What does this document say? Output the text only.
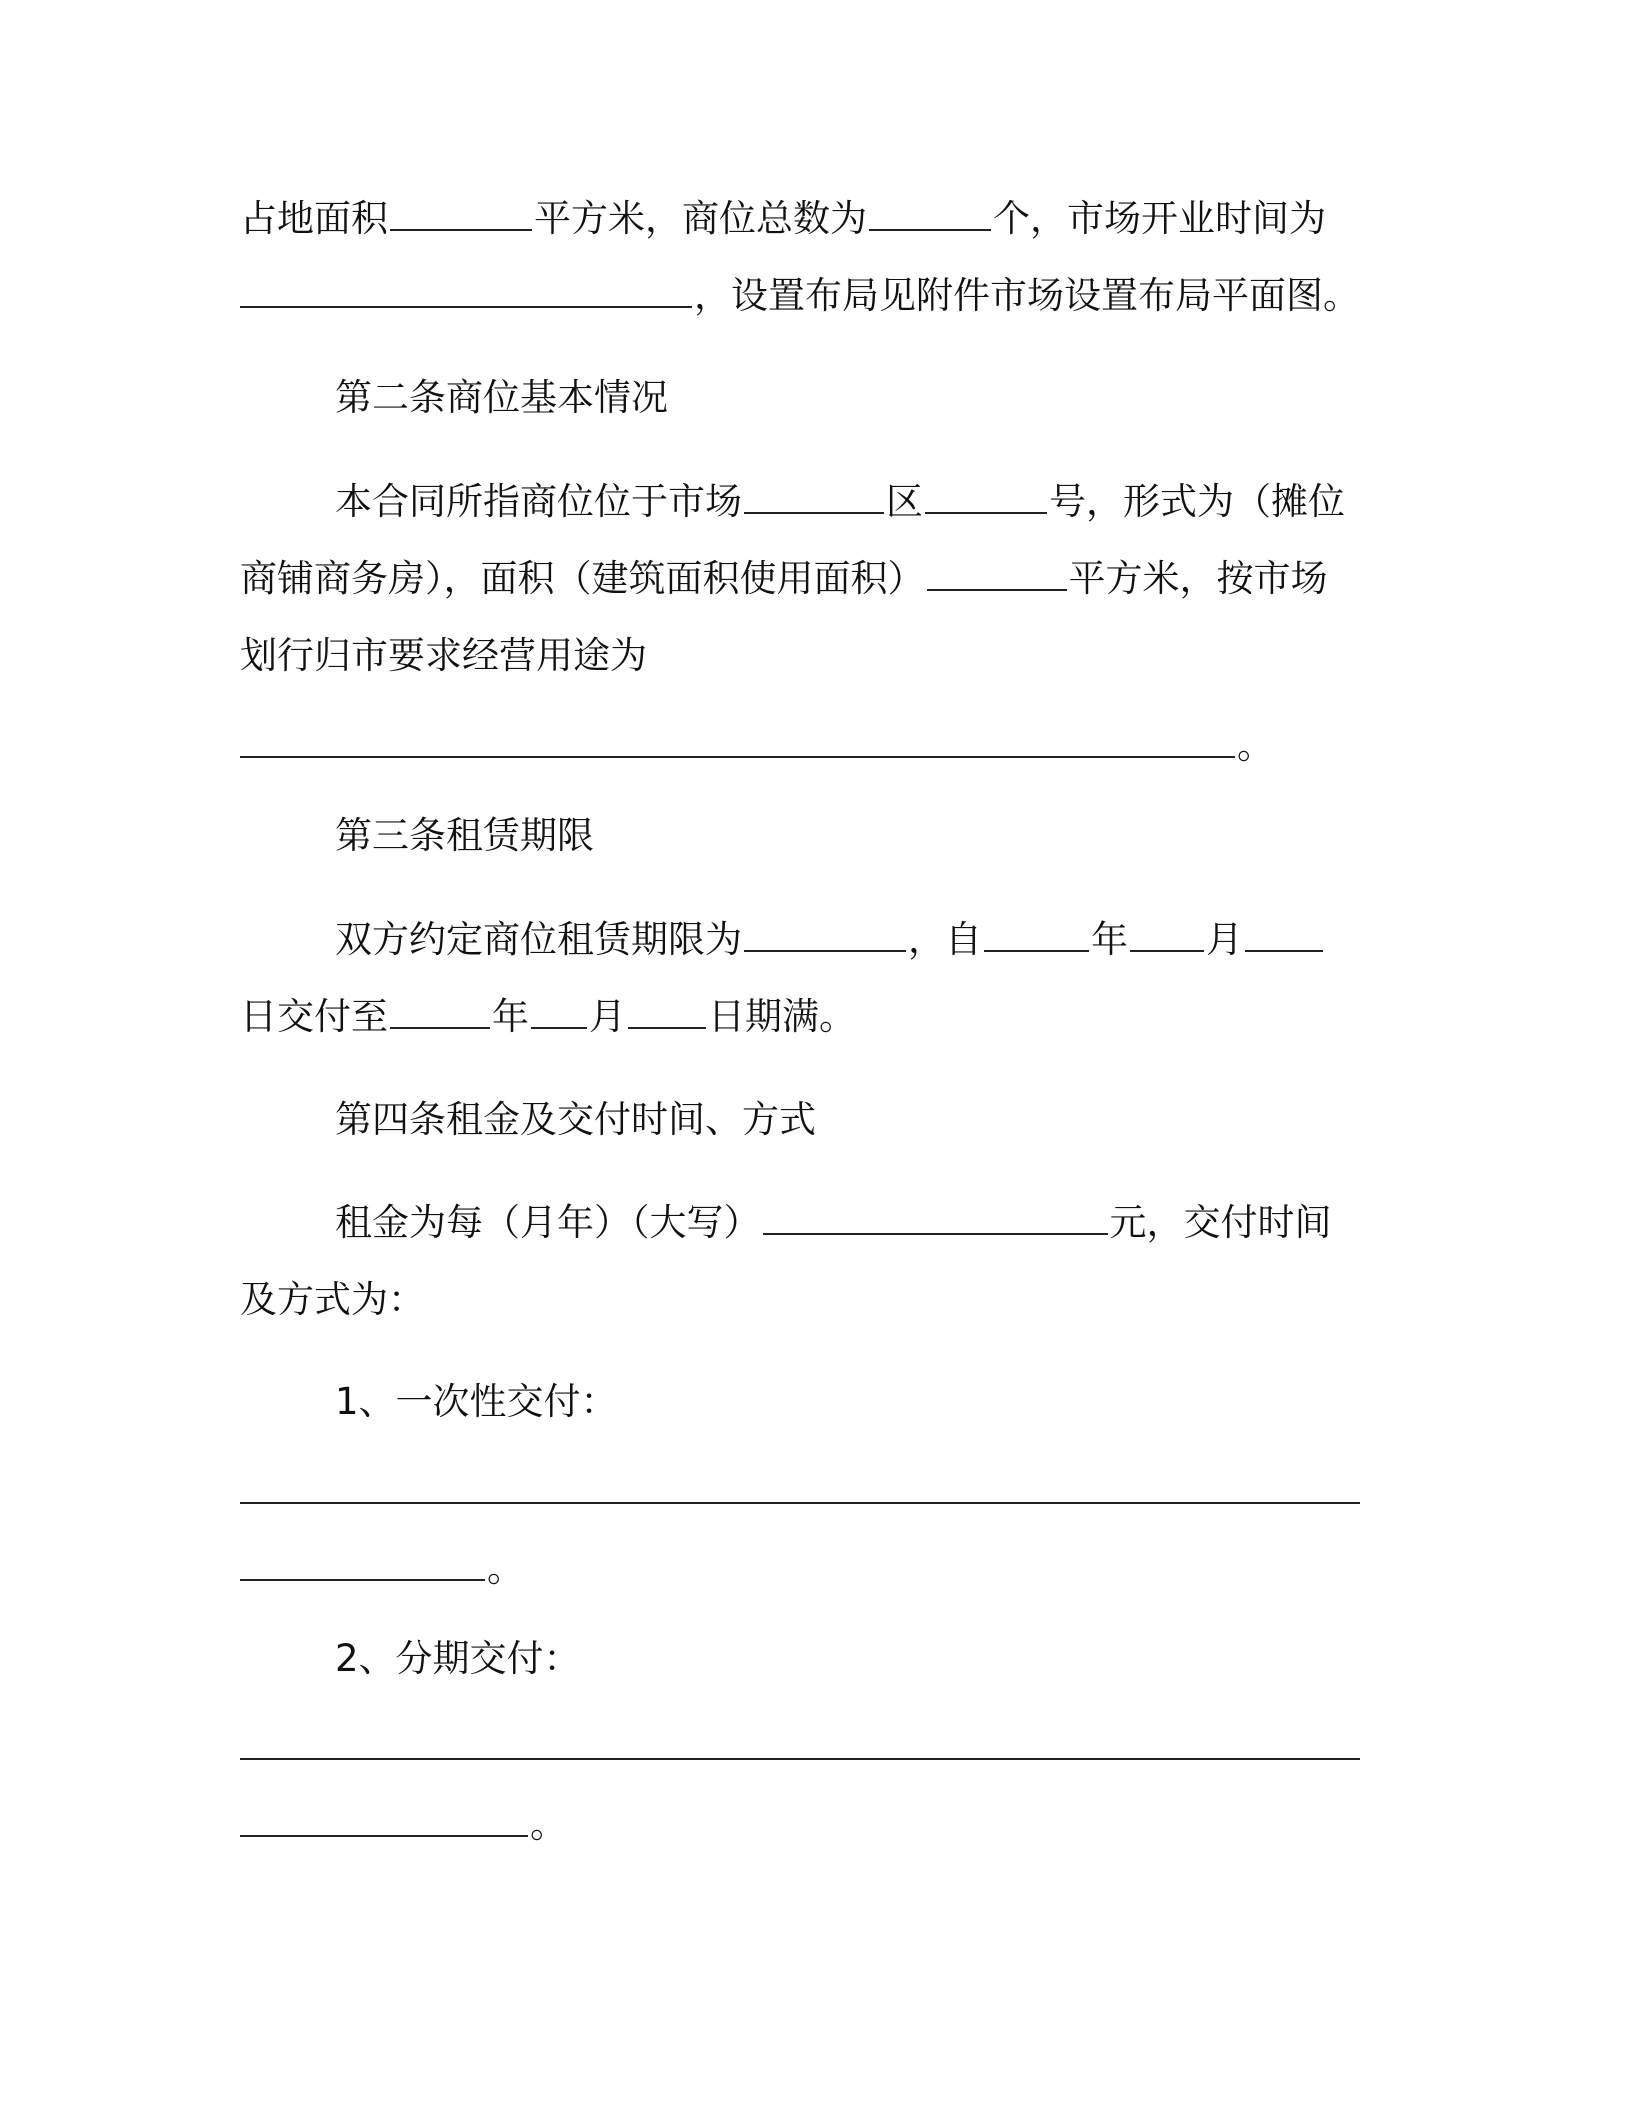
占地面积	平方米，商位总数为	个，市场开业时间为
，设置布局见附件市场设置布局平面图。
第二条商位基本情况
本合同所指商位位于市场	区	号，形式为（摊位
商铺商务房），面积（建筑面积使用面积）	平方米，按市场
划行归市要求经营用途为
。
第三条租赁期限
双方约定商位租赁期限为	，自	年 月
日交付至	年 月 日期满。
第四条租金及交付时间、方式
租金为每（月年）（大写）	元，交付时间
及方式为：
1、一次性交付：
。
2、分期交付：
。
